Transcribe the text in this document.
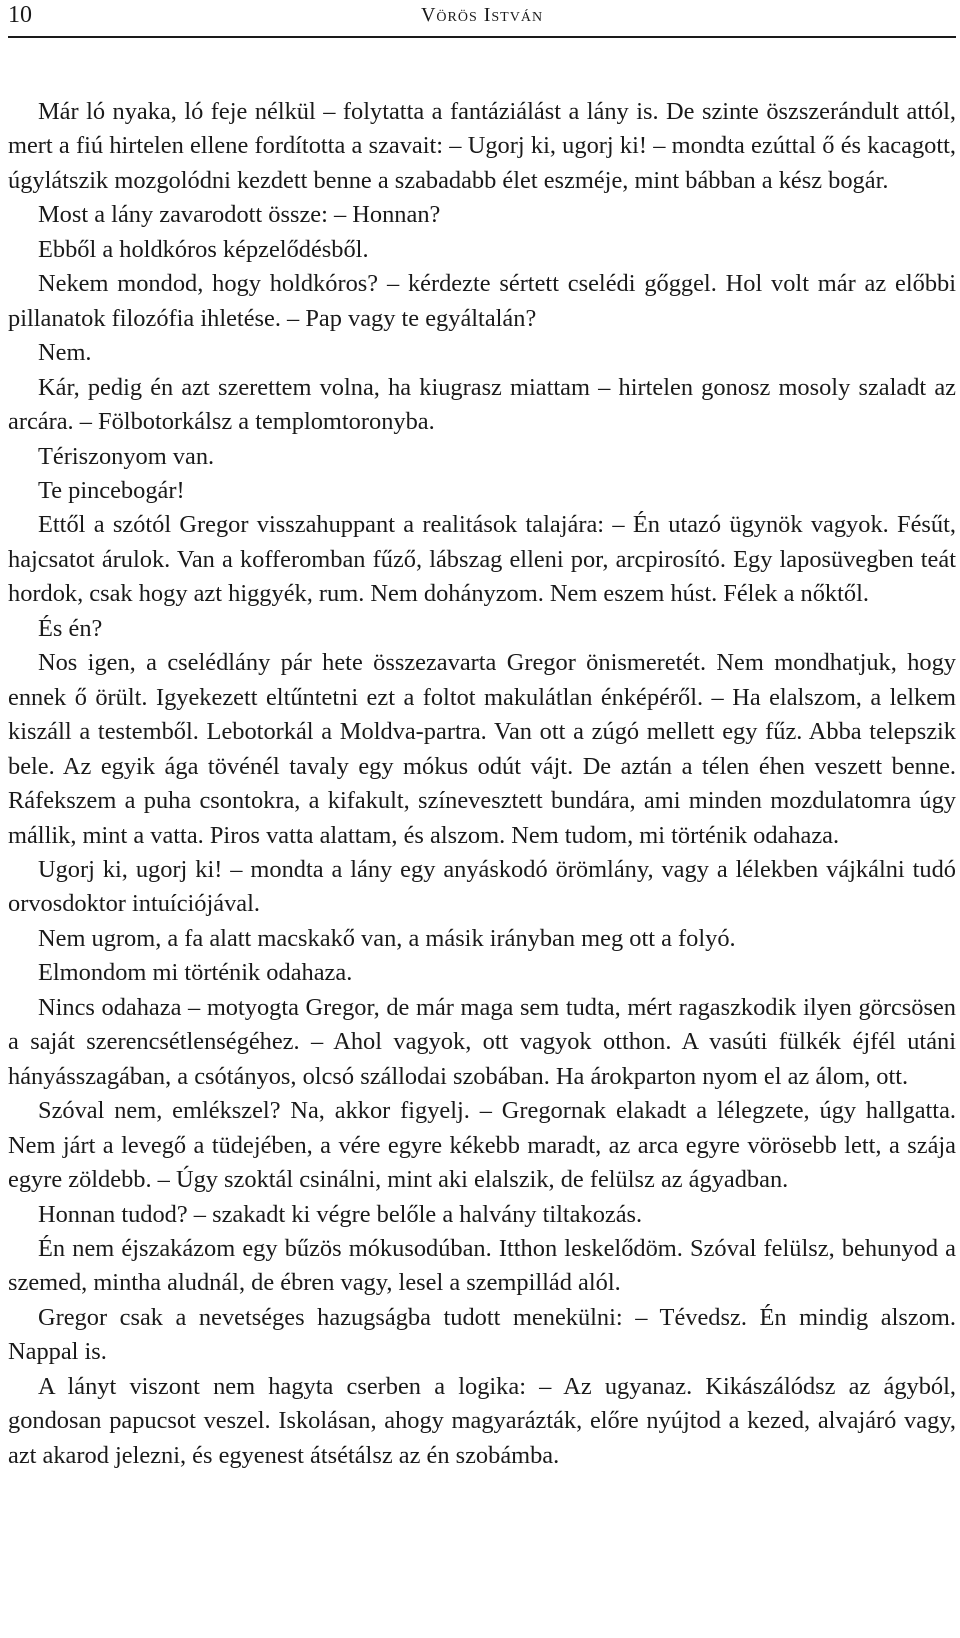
10	Vörös István

Már ló nyaka, ló feje nélkül – folytatta a fantáziálást a lány is. De szinte öszszerándult attól, mert a fiú hirtelen ellene fordította a szavait: – Ugorj ki, ugorj ki! – mondta ezúttal ő és kacagott, úgylátszik mozgolódni kezdett benne a szabadabb élet eszméje, mint bábban a kész bogár.

Most a lány zavarodott össze: – Honnan?

Ebből a holdkóros képzelődésből.

Nekem mondod, hogy holdkóros? – kérdezte sértett cselédi gőggel. Hol volt már az előbbi pillanatok filozófia ihletése. – Pap vagy te egyáltalán?

Nem.

Kár, pedig én azt szerettem volna, ha kiugrasz miattam – hirtelen gonosz mosoly szaladt az arcára. – Fölbotorkálsz a templomtoronyba.

Tériszonyom van.

Te pincebogár!

Ettől a szótól Gregor visszahuppant a realitások talajára: – Én utazó ügynök vagyok. Fésűt, hajcsatot árulok. Van a kofferomban fűző, lábszag elleni por, arcpirosító. Egy laposüvegben teát hordok, csak hogy azt higgyék, rum. Nem dohányzom. Nem eszem húst. Félek a nőktől.

És én?

Nos igen, a cselédlány pár hete összezavarta Gregor önismeretét. Nem mondhatjuk, hogy ennek ő örült. Igyekezett eltűntetni ezt a foltot makulátlan énképéről. – Ha elalszom, a lelkem kiszáll a testemből. Lebotorkál a Moldva-partra. Van ott a zúgó mellett egy fűz. Abba telepszik bele. Az egyik ága tövénél tavaly egy mókus odút vájt. De aztán a télen éhen veszett benne. Ráfekszem a puha csontokra, a kifakult, színevesztett bundára, ami minden mozdulatomra úgy mállik, mint a vatta. Piros vatta alattam, és alszom. Nem tudom, mi történik odahaza.

Ugorj ki, ugorj ki! – mondta a lány egy anyáskodó örömlány, vagy a lélekben vájkálni tudó orvosdoktor intuíciójával.

Nem ugrom, a fa alatt macskakő van, a másik irányban meg ott a folyó.

Elmondom mi történik odahaza.

Nincs odahaza – motyogta Gregor, de már maga sem tudta, mért ragaszkodik ilyen görcsösen a saját szerencsétlenségéhez. – Ahol vagyok, ott vagyok otthon. A vasúti fülkék éjfél utáni hányásszagában, a csótányos, olcsó szállodai szobában. Ha árokparton nyom el az álom, ott.

Szóval nem, emlékszel? Na, akkor figyelj. – Gregornak elakadt a lélegzete, úgy hallgatta. Nem járt a levegő a tüdejében, a vére egyre kékebb maradt, az arca egyre vörösebb lett, a szája egyre zöldebb. – Úgy szoktál csinálni, mint aki elalszik, de felülsz az ágyadban.

Honnan tudod? – szakadt ki végre belőle a halvány tiltakozás.

Én nem éjszakázom egy bűzös mókusodúban. Itthon leskelődöm. Szóval felülsz, behunyod a szemed, mintha aludnál, de ébren vagy, lesel a szempillád alól.

Gregor csak a nevetséges hazugságba tudott menekülni: – Tévedsz. Én mindig alszom. Nappal is.

A lányt viszont nem hagyta cserben a logika: – Az ugyanaz. Kikászálódsz az ágyból, gondosan papucsot veszel. Iskolásan, ahogy magyarázták, előre nyújtod a kezed, alvajáró vagy, azt akarod jelezni, és egyenest átsétálsz az én szobámba.
